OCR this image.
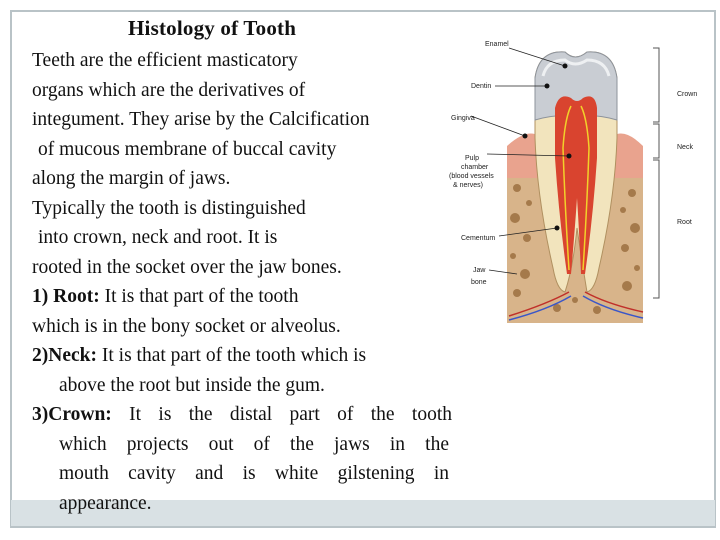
Histology of Tooth
Teeth are the efficient masticatory
organs which are the derivatives of
integument. They arise by the Calcification
of mucous membrane of buccal cavity
along the margin of jaws.
Typically the tooth is distinguished
into crown, neck and root. It is
rooted in the socket over the jaw bones.
1) Root: It is that part of the tooth
which is in the bony socket or alveolus.
2)Neck: It is that part of the tooth which is
above the root but inside the gum.
3)Crown: It is the distal part of the tooth
which projects out of the jaws in the
mouth cavity and is white gilstening in
appearance.
Enamel
Dentin
Gingiva
Pulp
chamber
(blood vessels
& nerves)
Cementum
Jaw
bone
Crown
Neck
Root
